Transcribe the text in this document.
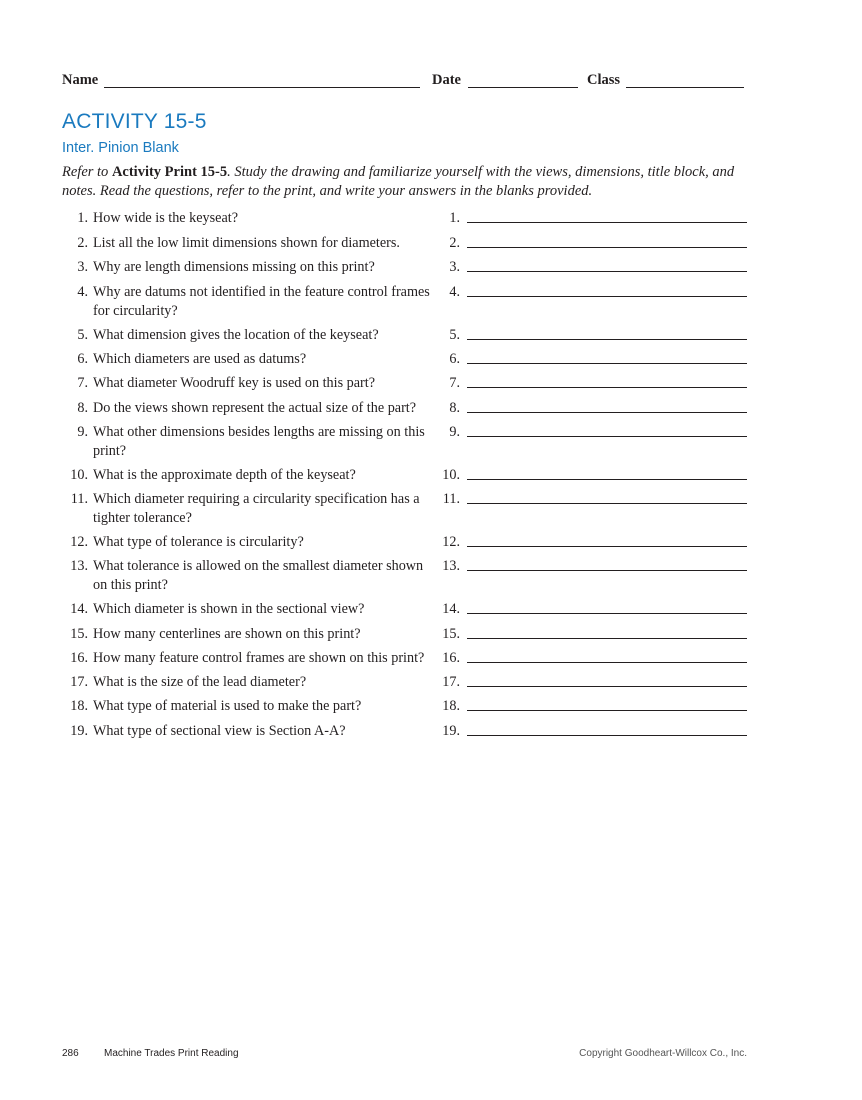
Name	Date	Class
ACTIVITY 15-5
Inter. Pinion Blank
Refer to Activity Print 15-5. Study the drawing and familiarize yourself with the views, dimensions, title block, and notes. Read the questions, refer to the print, and write your answers in the blanks provided.
1. How wide is the keyseat?	1.
2. List all the low limit dimensions shown for diameters.	2.
3. Why are length dimensions missing on this print?	3.
4. Why are datums not identified in the feature control frames for circularity?
4.
5. What dimension gives the location of the keyseat?	5.
6. Which diameters are used as datums?	6.
7. What diameter Woodruff key is used on this part?	7.
8. Do the views shown represent the actual size of the part?	8.
9. What other dimensions besides lengths are missing on this print?
9.
10. What is the approximate depth of the keyseat?	10.
11. Which diameter requiring a circularity specification has a tighter tolerance?
11.
12. What type of tolerance is circularity?	12.
13. What tolerance is allowed on the smallest diameter shown on this print?
13.
14. Which diameter is shown in the sectional view?	14.
15. How many centerlines are shown on this print?	15.
16. How many feature control frames are shown on this print?	16.
17. What is the size of the lead diameter?	17.
18. What type of material is used to make the part?	18.
19. What type of sectional view is Section A-A?	19.
286	Machine Trades Print Reading	Copyright Goodheart-Willcox Co., Inc.
